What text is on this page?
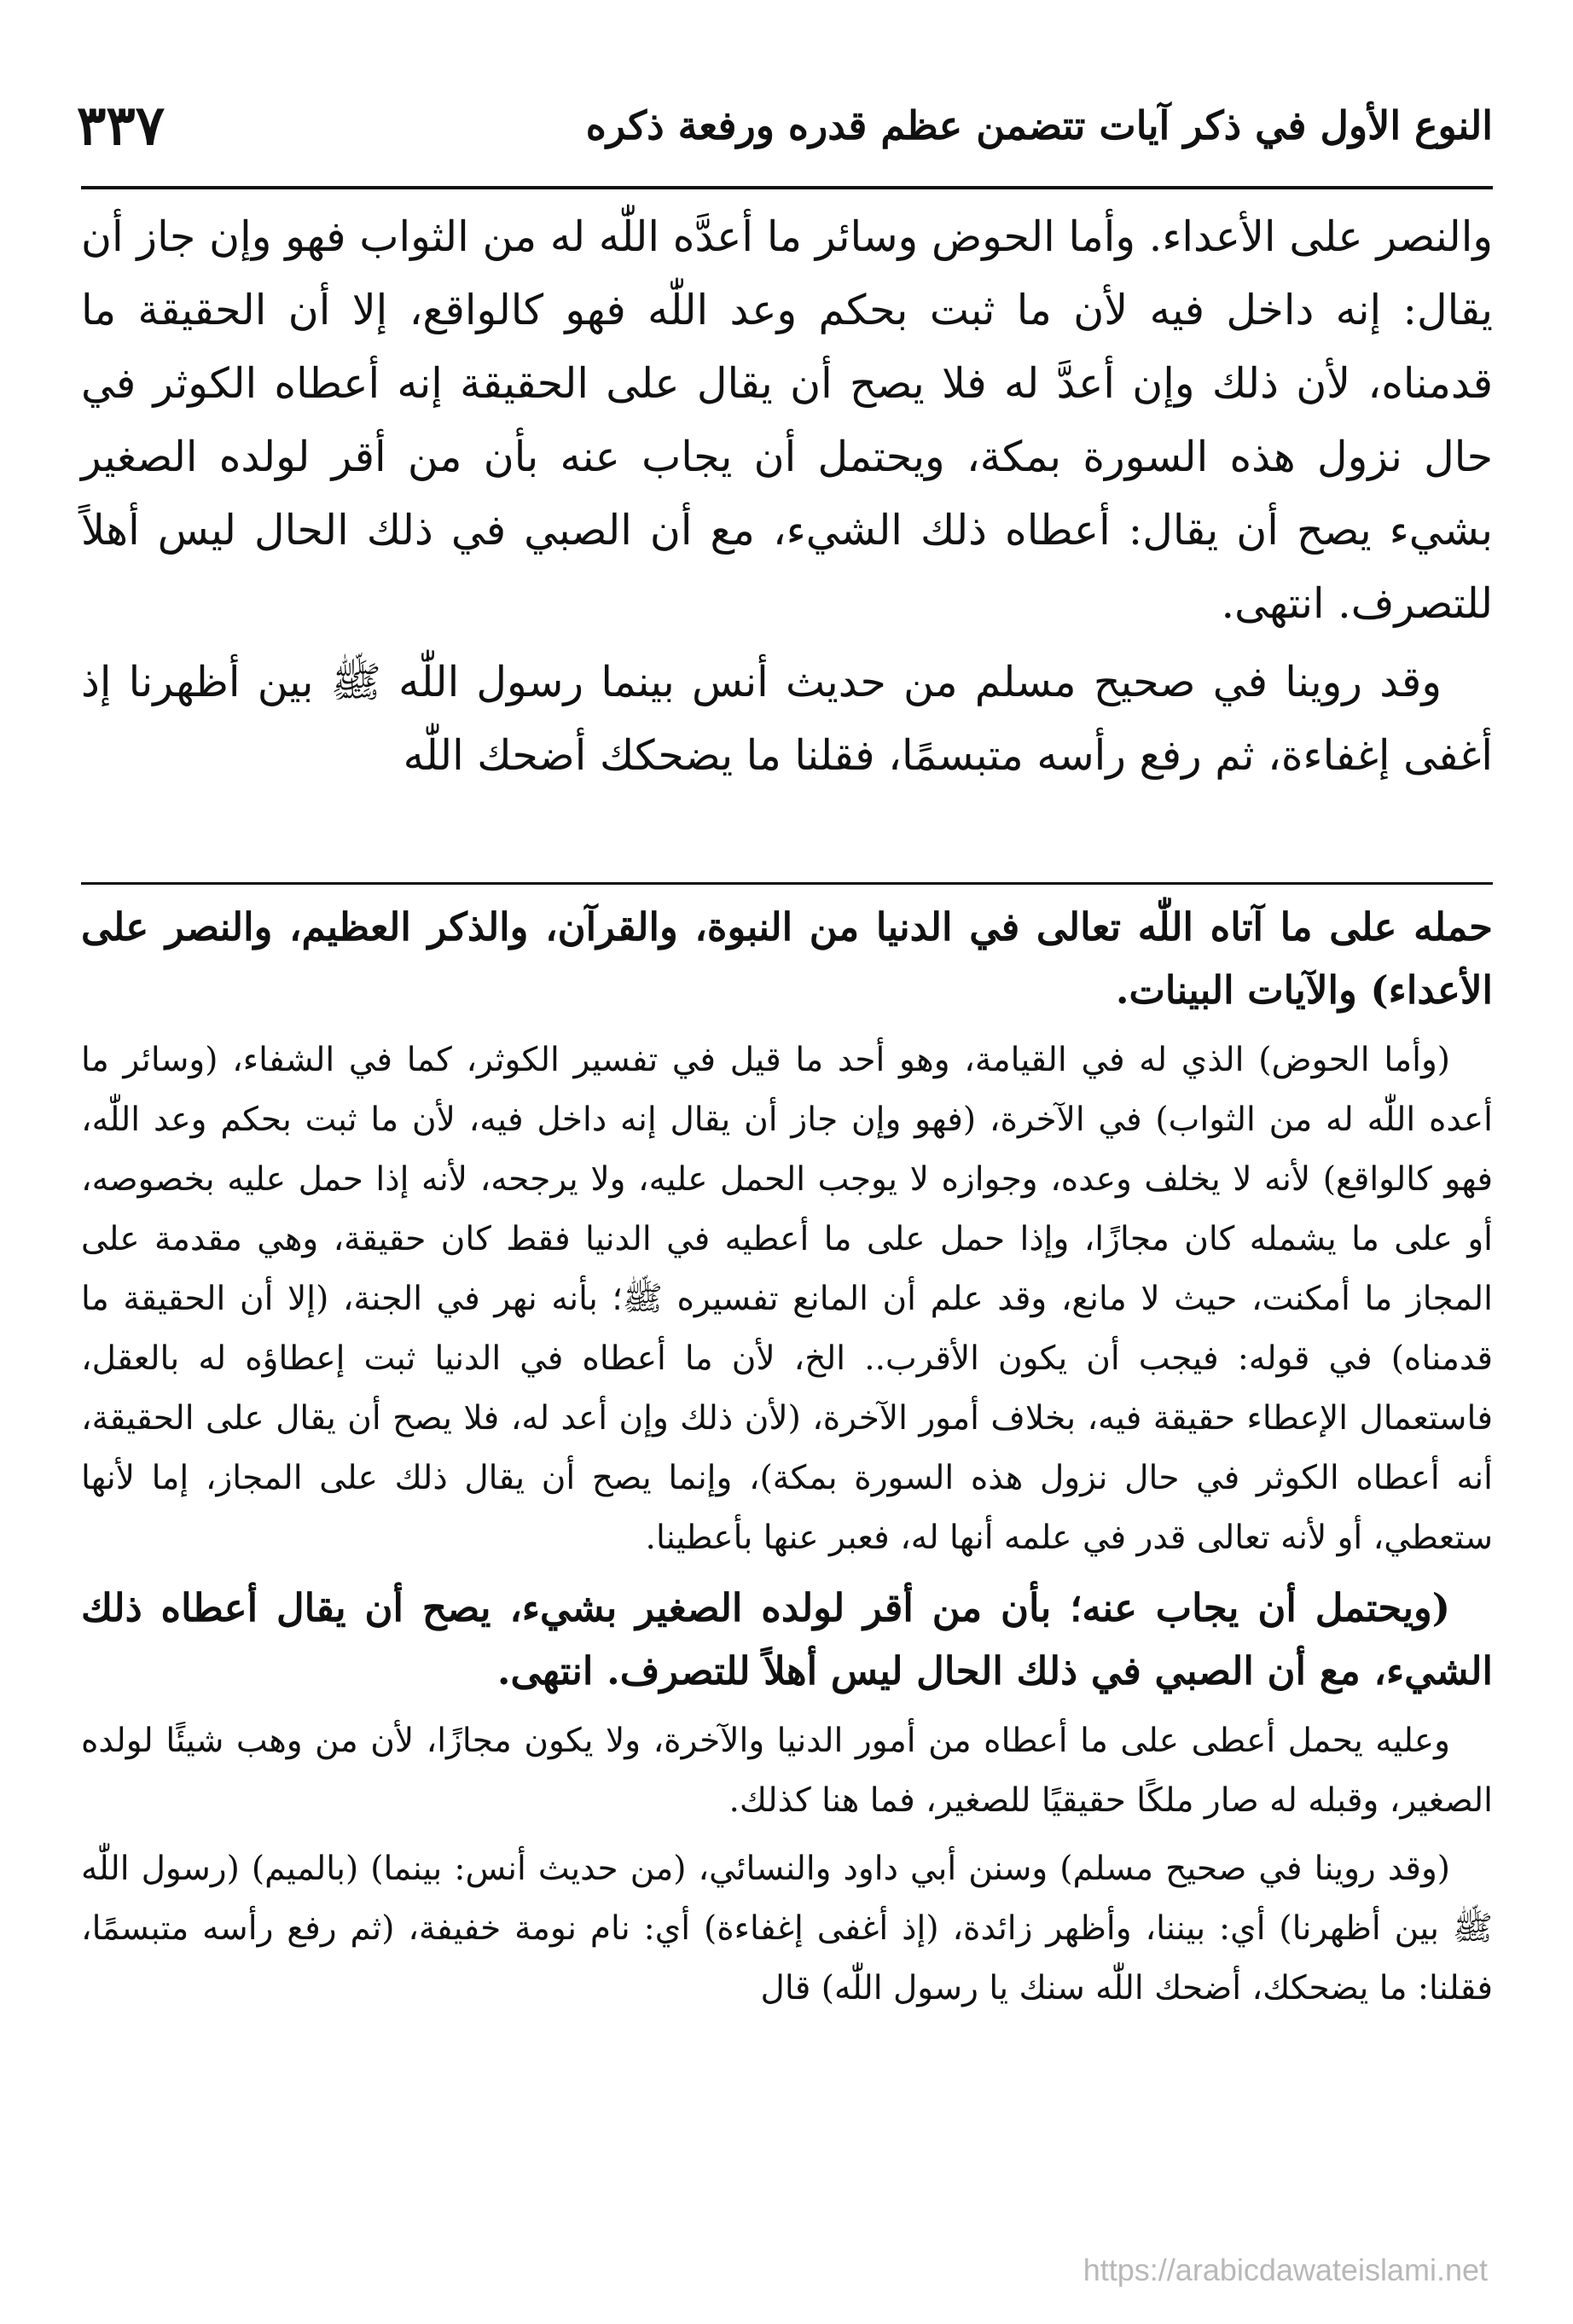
النوع الأول في ذكر آيات تتضمن عظم قدره ورفعة ذكره
٣٣٧

والنصر على الأعداء. وأما الحوض وسائر ما أعدَّه اللّٰه له من الثواب فهو وإن جاز أن يقال: إنه داخل فيه لأن ما ثبت بحكم وعد اللّٰه فهو كالواقع، إلا أن الحقيقة ما قدمناه، لأن ذلك وإن أعدَّ له فلا يصح أن يقال على الحقيقة إنه أعطاه الكوثر في حال نزول هذه السورة بمكة، ويحتمل أن يجاب عنه بأن من أقر لولده الصغير بشيء يصح أن يقال: أعطاه ذلك الشيء، مع أن الصبي في ذلك الحال ليس أهلاً للتصرف. انتهى.

وقد روينا في صحيح مسلم من حديث أنس بينما رسول اللّٰه ﷺ بين أظهرنا إذ أغفى إغفاءة، ثم رفع رأسه متبسمًا، فقلنا ما يضحكك أضحك اللّٰه

حمله على ما آتاه اللّٰه تعالى في الدنيا من النبوة، والقرآن، والذكر العظيم، والنصر على الأعداء) والآيات البينات.

(وأما الحوض) الذي له في القيامة، وهو أحد ما قيل في تفسير الكوثر، كما في الشفاء، (وسائر ما أعده اللّٰه له من الثواب) في الآخرة، (فهو وإن جاز أن يقال إنه داخل فيه، لأن ما ثبت بحكم وعد اللّٰه، فهو كالواقع) لأنه لا يخلف وعده، وجوازه لا يوجب الحمل عليه، ولا يرجحه، لأنه إذا حمل عليه بخصوصه، أو على ما يشمله كان مجازًا، وإذا حمل على ما أعطيه في الدنيا فقط كان حقيقة، وهي مقدمة على المجاز ما أمكنت، حيث لا مانع، وقد علم أن المانع تفسيره ﷺ؛ بأنه نهر في الجنة، (إلا أن الحقيقة ما قدمناه) في قوله: فيجب أن يكون الأقرب.. الخ، لأن ما أعطاه في الدنيا ثبت إعطاؤه له بالعقل، فاستعمال الإعطاء حقيقة فيه، بخلاف أمور الآخرة، (لأن ذلك وإن أعد له، فلا يصح أن يقال على الحقيقة، أنه أعطاه الكوثر في حال نزول هذه السورة بمكة)، وإنما يصح أن يقال ذلك على المجاز، إما لأنها ستعطي، أو لأنه تعالى قدر في علمه أنها له، فعبر عنها بأعطينا.

(ويحتمل أن يجاب عنه؛ بأن من أقر لولده الصغير بشيء، يصح أن يقال أعطاه ذلك الشيء، مع أن الصبي في ذلك الحال ليس أهلاً للتصرف. انتهى.

وعليه يحمل أعطى على ما أعطاه من أمور الدنيا والآخرة، ولا يكون مجازًا، لأن من وهب شيئًا لولده الصغير، وقبله له صار ملكًا حقيقيًا للصغير، فما هنا كذلك.

(وقد روينا في صحيح مسلم) وسنن أبي داود والنسائي، (من حديث أنس: بينما) (بالميم) (رسول اللّٰه ﷺ بين أظهرنا) أي: بيننا، وأظهر زائدة، (إذ أغفى إغفاءة) أي: نام نومة خفيفة، (ثم رفع رأسه متبسمًا، فقلنا: ما يضحكك، أضحك اللّٰه سنك يا رسول اللّٰه) قال

https://arabicdawateislami.net
